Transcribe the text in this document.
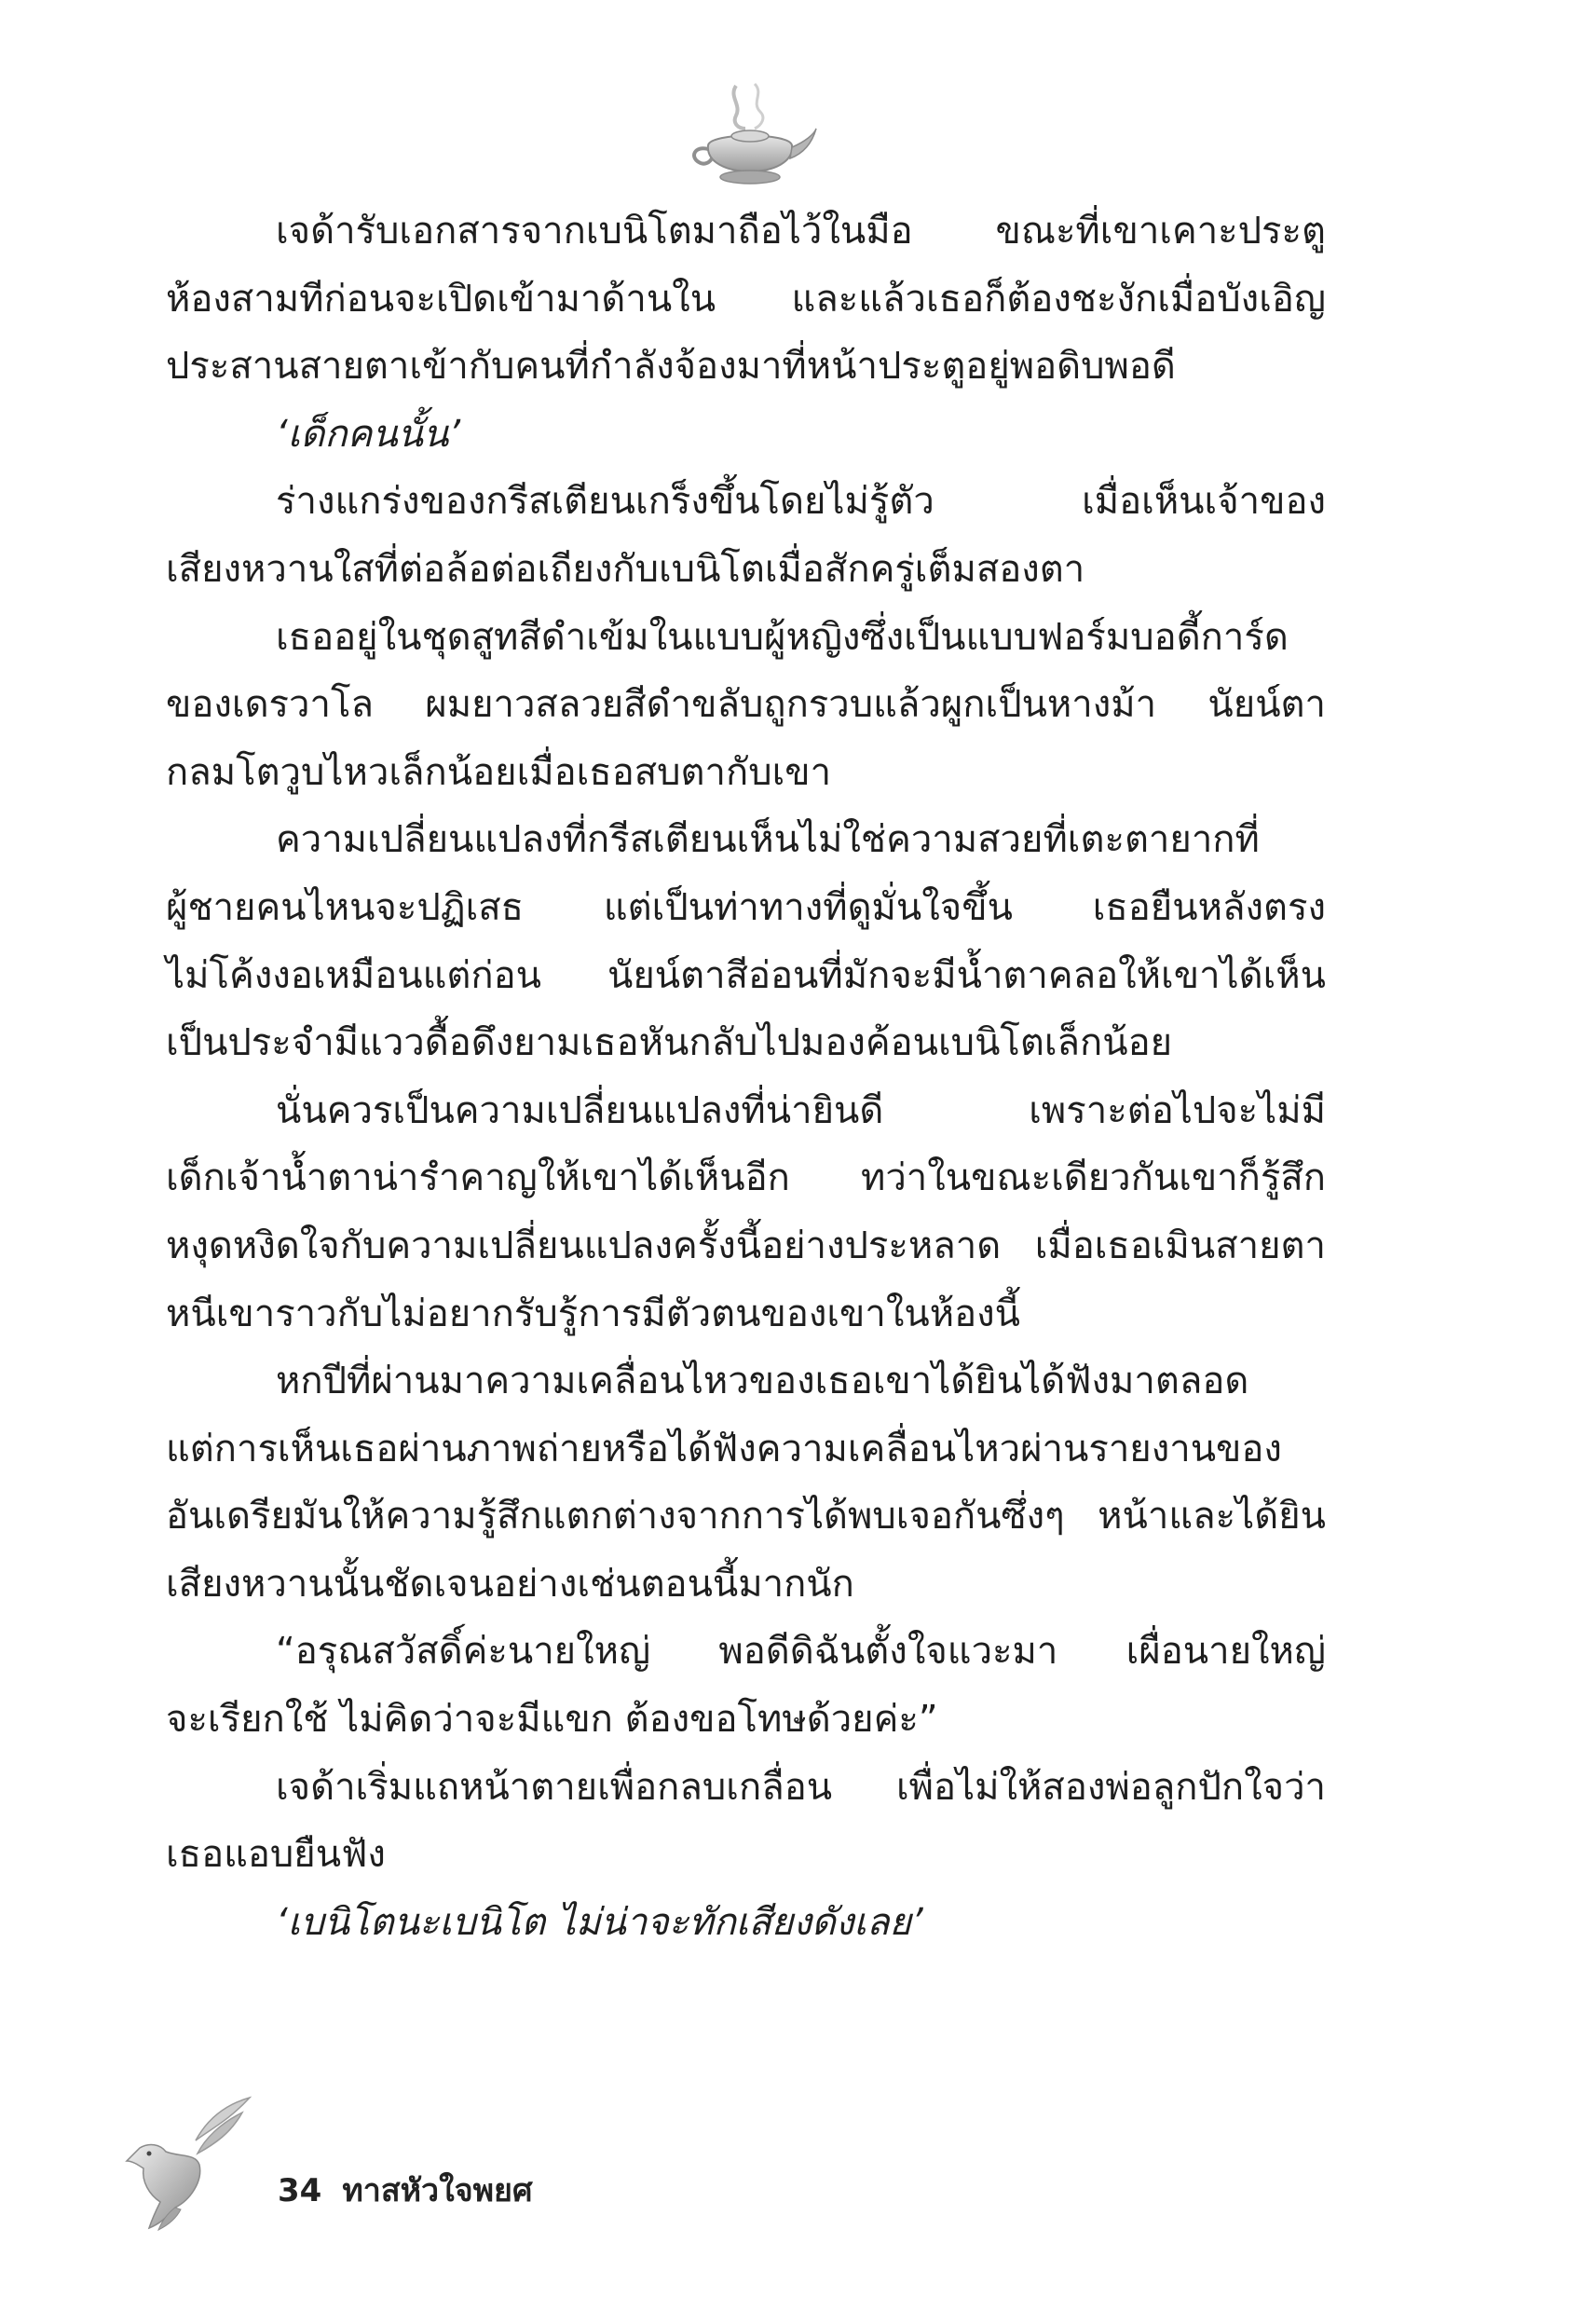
เจด้ารับเอกสารจากเบนิโตมาถือไว้ในมือ ขณะที่เขาเคาะประตู
ห้องสามทีก่อนจะเปิดเข้ามาด้านใน และแล้วเธอก็ต้องชะงักเมื่อบังเอิญ
ประสานสายตาเข้ากับคนที่กำลังจ้องมาที่หน้าประตูอยู่พอดิบพอดี
‘เด็กคนนั้น’
ร่างแกร่งของกรีสเตียนเกร็งขึ้นโดยไม่รู้ตัว เมื่อเห็นเจ้าของ
เสียงหวานใสที่ต่อล้อต่อเถียงกับเบนิโตเมื่อสักครู่เต็มสองตา
เธออยู่ในชุดสูทสีดำเข้มในแบบผู้หญิงซึ่งเป็นแบบฟอร์มบอดี้การ์ด
ของเดรวาโล ผมยาวสลวยสีดำขลับถูกรวบแล้วผูกเป็นหางม้า นัยน์ตา
กลมโตวูบไหวเล็กน้อยเมื่อเธอสบตากับเขา
ความเปลี่ยนแปลงที่กรีสเตียนเห็นไม่ใช่ความสวยที่เตะตายากที่
ผู้ชายคนไหนจะปฏิเสธ แต่เป็นท่าทางที่ดูมั่นใจขึ้น เธอยืนหลังตรง
ไม่โค้งงอเหมือนแต่ก่อน นัยน์ตาสีอ่อนที่มักจะมีน้ำตาคลอให้เขาได้เห็น
เป็นประจำมีแววดื้อดึงยามเธอหันกลับไปมองค้อนเบนิโตเล็กน้อย
นั่นควรเป็นความเปลี่ยนแปลงที่น่ายินดี เพราะต่อไปจะไม่มี
เด็กเจ้าน้ำตาน่ารำคาญให้เขาได้เห็นอีก ทว่าในขณะเดียวกันเขาก็รู้สึก
หงุดหงิดใจกับความเปลี่ยนแปลงครั้งนี้อย่างประหลาด เมื่อเธอเมินสายตา
หนีเขาราวกับไม่อยากรับรู้การมีตัวตนของเขาในห้องนี้
หกปีที่ผ่านมาความเคลื่อนไหวของเธอเขาได้ยินได้ฟังมาตลอด
แต่การเห็นเธอผ่านภาพถ่ายหรือได้ฟังความเคลื่อนไหวผ่านรายงานของ
อันเดรียมันให้ความรู้สึกแตกต่างจากการได้พบเจอกันซึ่งๆ หน้าและได้ยิน
เสียงหวานนั้นชัดเจนอย่างเช่นตอนนี้มากนัก
“อรุณสวัสดิ์ค่ะนายใหญ่ พอดีดิฉันตั้งใจแวะมา เผื่อนายใหญ่
จะเรียกใช้ ไม่คิดว่าจะมีแขก ต้องขอโทษด้วยค่ะ”
เจด้าเริ่มแถหน้าตายเพื่อกลบเกลื่อน เพื่อไม่ให้สองพ่อลูกปักใจว่า
เธอแอบยืนฟัง
‘เบนิโตนะเบนิโต ไม่น่าจะทักเสียงดังเลย’
34 ทาสหัวใจพยศ
